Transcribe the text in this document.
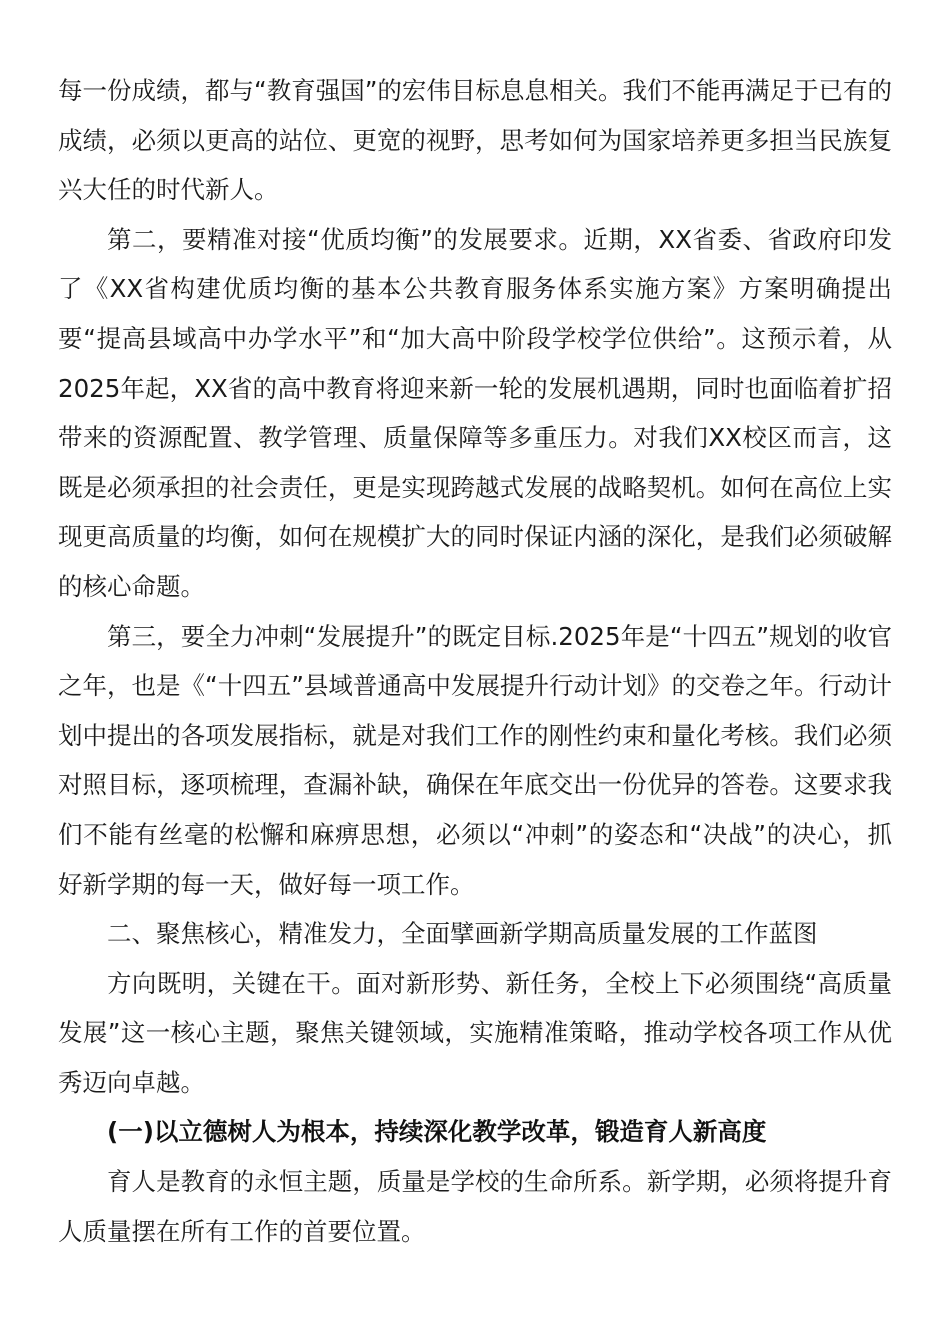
每一份成绩，都与“教育强国”的宏伟目标息息相关。我们不能再满足于已有的成绩，必须以更高的站位、更宽的视野，思考如何为国家培养更多担当民族复兴大任的时代新人。

第二，要精准对接“优质均衡”的发展要求。近期，XX省委、省政府印发了《XX省构建优质均衡的基本公共教育服务体系实施方案》方案明确提出要“提高县域高中办学水平”和“加大高中阶段学校学位供给”。这预示着，从2025年起，XX省的高中教育将迎来新一轮的发展机遇期，同时也面临着扩招带来的资源配置、教学管理、质量保障等多重压力。对我们XX校区而言，这既是必须承担的社会责任，更是实现跨越式发展的战略契机。如何在高位上实现更高质量的均衡，如何在规模扩大的同时保证内涵的深化，是我们必须破解的核心命题。

第三，要全力冲刺“发展提升”的既定目标.2025年是“十四五”规划的收官之年，也是《“十四五”县域普通高中发展提升行动计划》的交卷之年。行动计划中提出的各项发展指标，就是对我们工作的刚性约束和量化考核。我们必须对照目标，逐项梳理，查漏补缺，确保在年底交出一份优异的答卷。这要求我们不能有丝毫的松懈和麻痹思想，必须以“冲刺”的姿态和“决战”的决心，抓好新学期的每一天，做好每一项工作。

二、聚焦核心，精准发力，全面擘画新学期高质量发展的工作蓝图

方向既明，关键在干。面对新形势、新任务，全校上下必须围绕“高质量发展”这一核心主题，聚焦关键领域，实施精准策略，推动学校各项工作从优秀迈向卓越。

(一)以立德树人为根本，持续深化教学改革，锻造育人新高度

育人是教育的永恒主题，质量是学校的生命所系。新学期，必须将提升育人质量摆在所有工作的首要位置。
